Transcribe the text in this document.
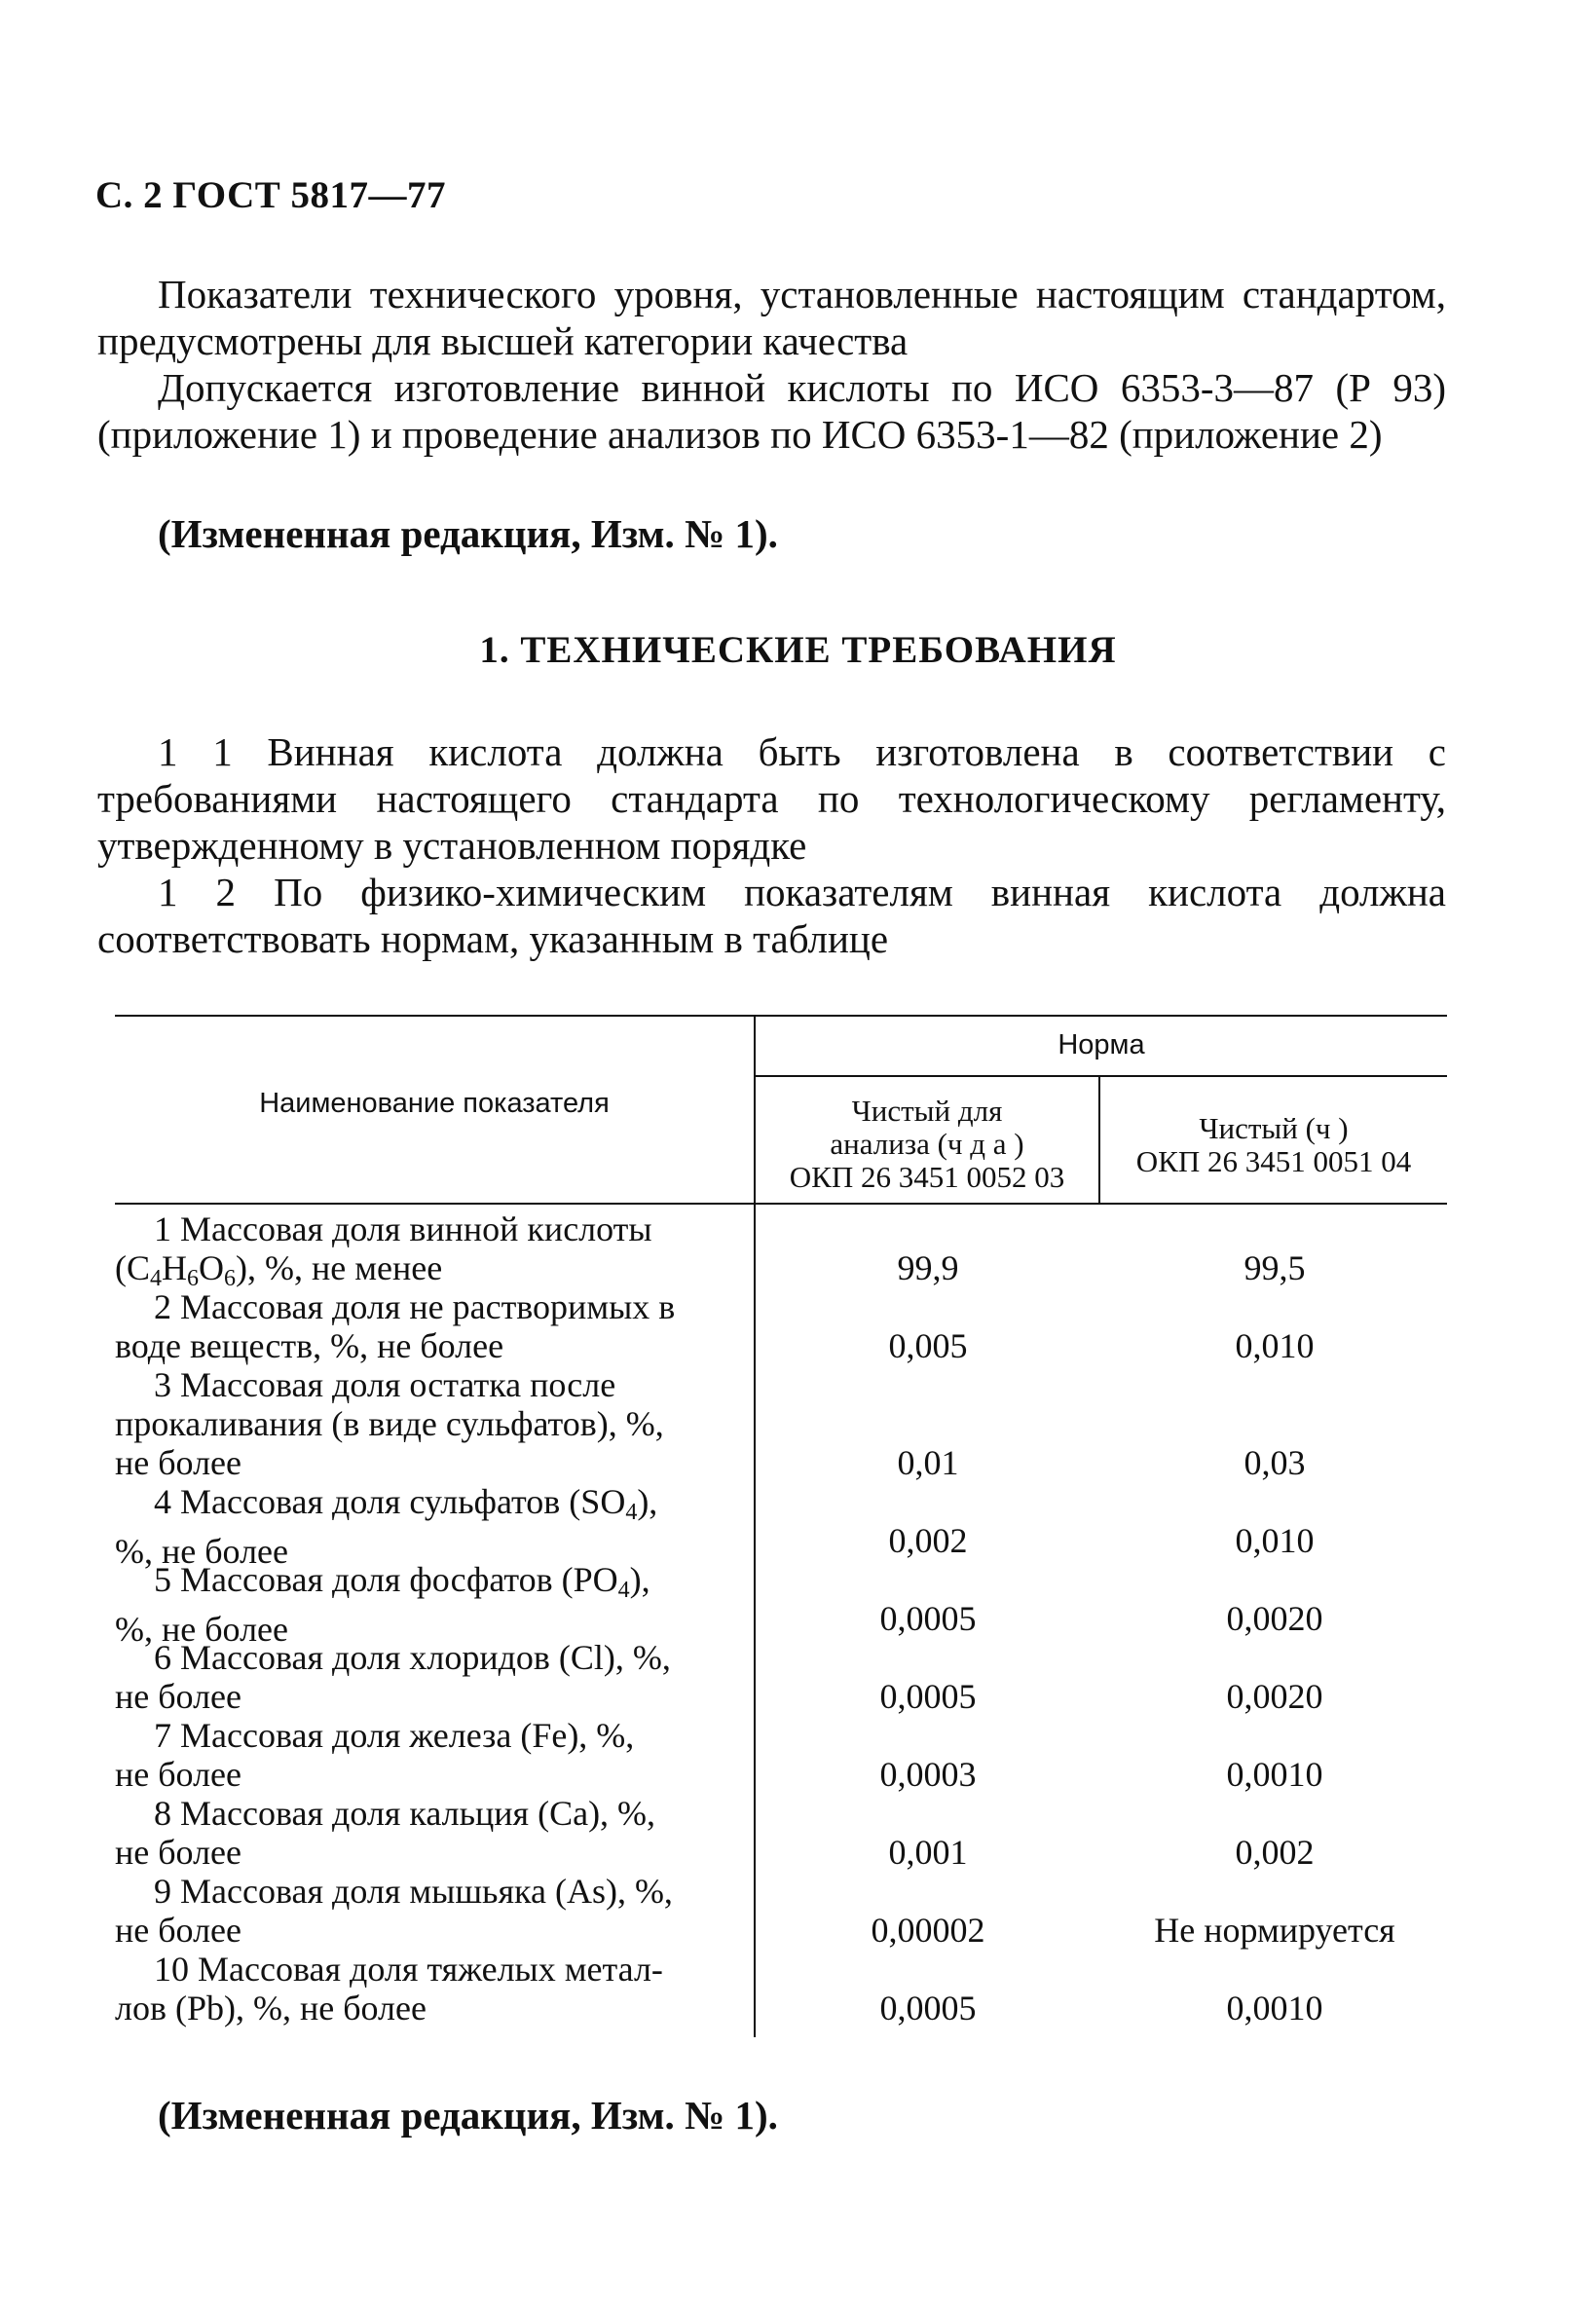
С. 2 ГОСТ 5817—77
Показатели технического уровня, установленные настоящим стандартом, предусмотрены для высшей категории качества
Допускается изготовление винной кислоты по ИСО 6353-3—87 (Р 93) (приложение 1) и проведение анализов по ИСО 6353-1—82 (приложение 2)
(Измененная редакция, Изм. № 1).
1. ТЕХНИЧЕСКИЕ ТРЕБОВАНИЯ
1 1 Винная кислота должна быть изготовлена в соответствии с требованиями настоящего стандарта по технологическому регламенту, утвержденному в установленном порядке
1 2 По физико-химическим показателям винная кислота должна соответствовать нормам, указанным в таблице
Наименование показателя
Норма
Чистый для
анализа (ч д а )
ОКП 26 3451 0052 03
Чистый (ч )
ОКП 26 3451 0051 04
1 Массовая доля винной кислоты
$(C_4H_6O_6)$, %, не менее	99,9	99,5
2 Массовая доля не растворимых в
воде веществ, %, не более	0,005	0,010
3 Массовая доля остатка после
прокаливания (в виде сульфатов), %,
не более	0,01	0,03
4 Массовая доля сульфатов $(SO_4)$,
%, не более	0,002	0,010
5 Массовая доля фосфатов $(PO_4)$,
%, не более	0,0005	0,0020
6 Массовая доля хлоридов (Cl), %,
не более	0,0005	0,0020
7 Массовая доля железа (Fe), %,
не более	0,0003	0,0010
8 Массовая доля кальция (Ca), %,
не более	0,001	0,002
9 Массовая доля мышьяка (As), %,
не более	0,00002	Не нормируется
10 Массовая доля тяжелых метал-
лов (Pb), %, не более	0,0005	0,0010
(Измененная редакция, Изм. № 1).
